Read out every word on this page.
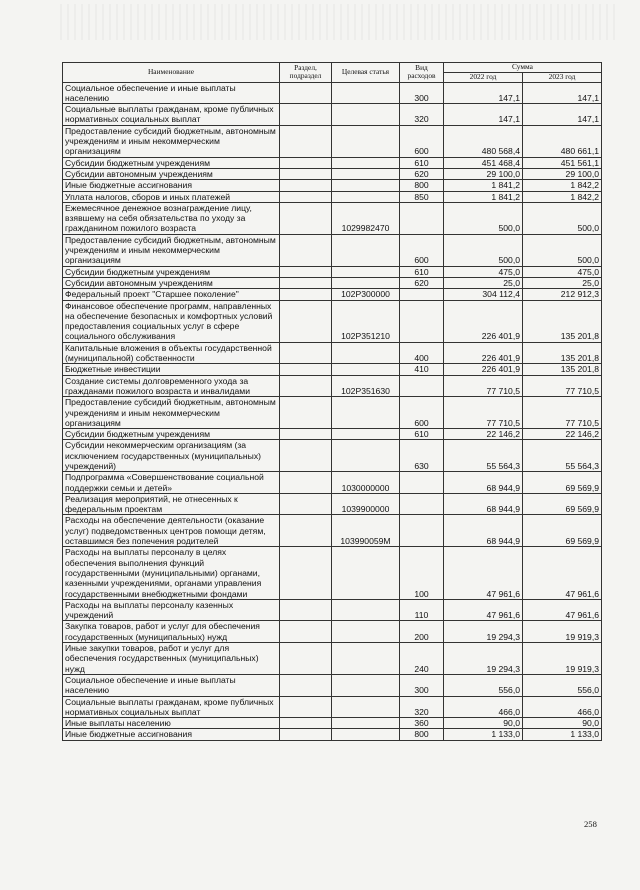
Наименование	Раздел, подраздел	Целевая статья	Вид расходов	Сумма	
				2022 год	2023 год
Социальное обеспечение и иные выплаты населению			300	147,1	147,1
Социальные выплаты гражданам, кроме публичных нормативных социальных выплат			320	147,1	147,1
Предоставление субсидий бюджетным, автономным учреждениям и иным некоммерческим организациям			600	480 568,4	480 661,1
Субсидии бюджетным учреждениям			610	451 468,4	451 561,1
Субсидии автономным учреждениям			620	29 100,0	29 100,0
Иные бюджетные ассигнования			800	1 841,2	1 842,2
Уплата налогов, сборов и иных платежей			850	1 841,2	1 842,2
Ежемесячное денежное вознаграждение лицу, взявшему на себя обязательства по уходу за гражданином пожилого возраста		1029982470		500,0	500,0
Предоставление субсидий бюджетным, автономным учреждениям и иным некоммерческим организациям			600	500,0	500,0
Субсидии бюджетным учреждениям			610	475,0	475,0
Субсидии автономным учреждениям			620	25,0	25,0
Федеральный проект "Старшее поколение"		102P300000		304 112,4	212 912,3
Финансовое обеспечение программ, направленных на обеспечение безопасных и комфортных условий предоставления социальных услуг в сфере социального обслуживания		102P351210		226 401,9	135 201,8
Капитальные вложения в объекты государственной (муниципальной) собственности			400	226 401,9	135 201,8
Бюджетные инвестиции			410	226 401,9	135 201,8
Создание системы долговременного ухода за гражданами пожилого возраста и инвалидами		102P351630		77 710,5	77 710,5
Предоставление субсидий бюджетным, автономным учреждениям и иным некоммерческим организациям			600	77 710,5	77 710,5
Субсидии бюджетным учреждениям			610	22 146,2	22 146,2
Субсидии некоммерческим организациям (за исключением государственных (муниципальных) учреждений)			630	55 564,3	55 564,3
Подпрограмма «Совершенствование социальной поддержки семьи и детей»		1030000000		68 944,9	69 569,9
Реализация мероприятий, не отнесенных к федеральным проектам		1039900000		68 944,9	69 569,9
Расходы на обеспечение деятельности (оказание услуг) подведомственных центров помощи детям, оставшимся без попечения родителей		103990059М		68 944,9	69 569,9
Расходы на выплаты персоналу в целях обеспечения выполнения функций государственными (муниципальными) органами, казенными учреждениями, органами управления государственными внебюджетными фондами			100	47 961,6	47 961,6
Расходы на выплаты персоналу казенных учреждений			110	47 961,6	47 961,6
Закупка товаров, работ и услуг для обеспечения государственных (муниципальных) нужд			200	19 294,3	19 919,3
Иные закупки товаров, работ и услуг для обеспечения государственных (муниципальных) нужд			240	19 294,3	19 919,3
Социальное обеспечение и иные выплаты населению			300	556,0	556,0
Социальные выплаты гражданам, кроме публичных нормативных социальных выплат			320	466,0	466,0
Иные выплаты населению			360	90,0	90,0
Иные бюджетные ассигнования			800	1 133,0	1 133,0
258
